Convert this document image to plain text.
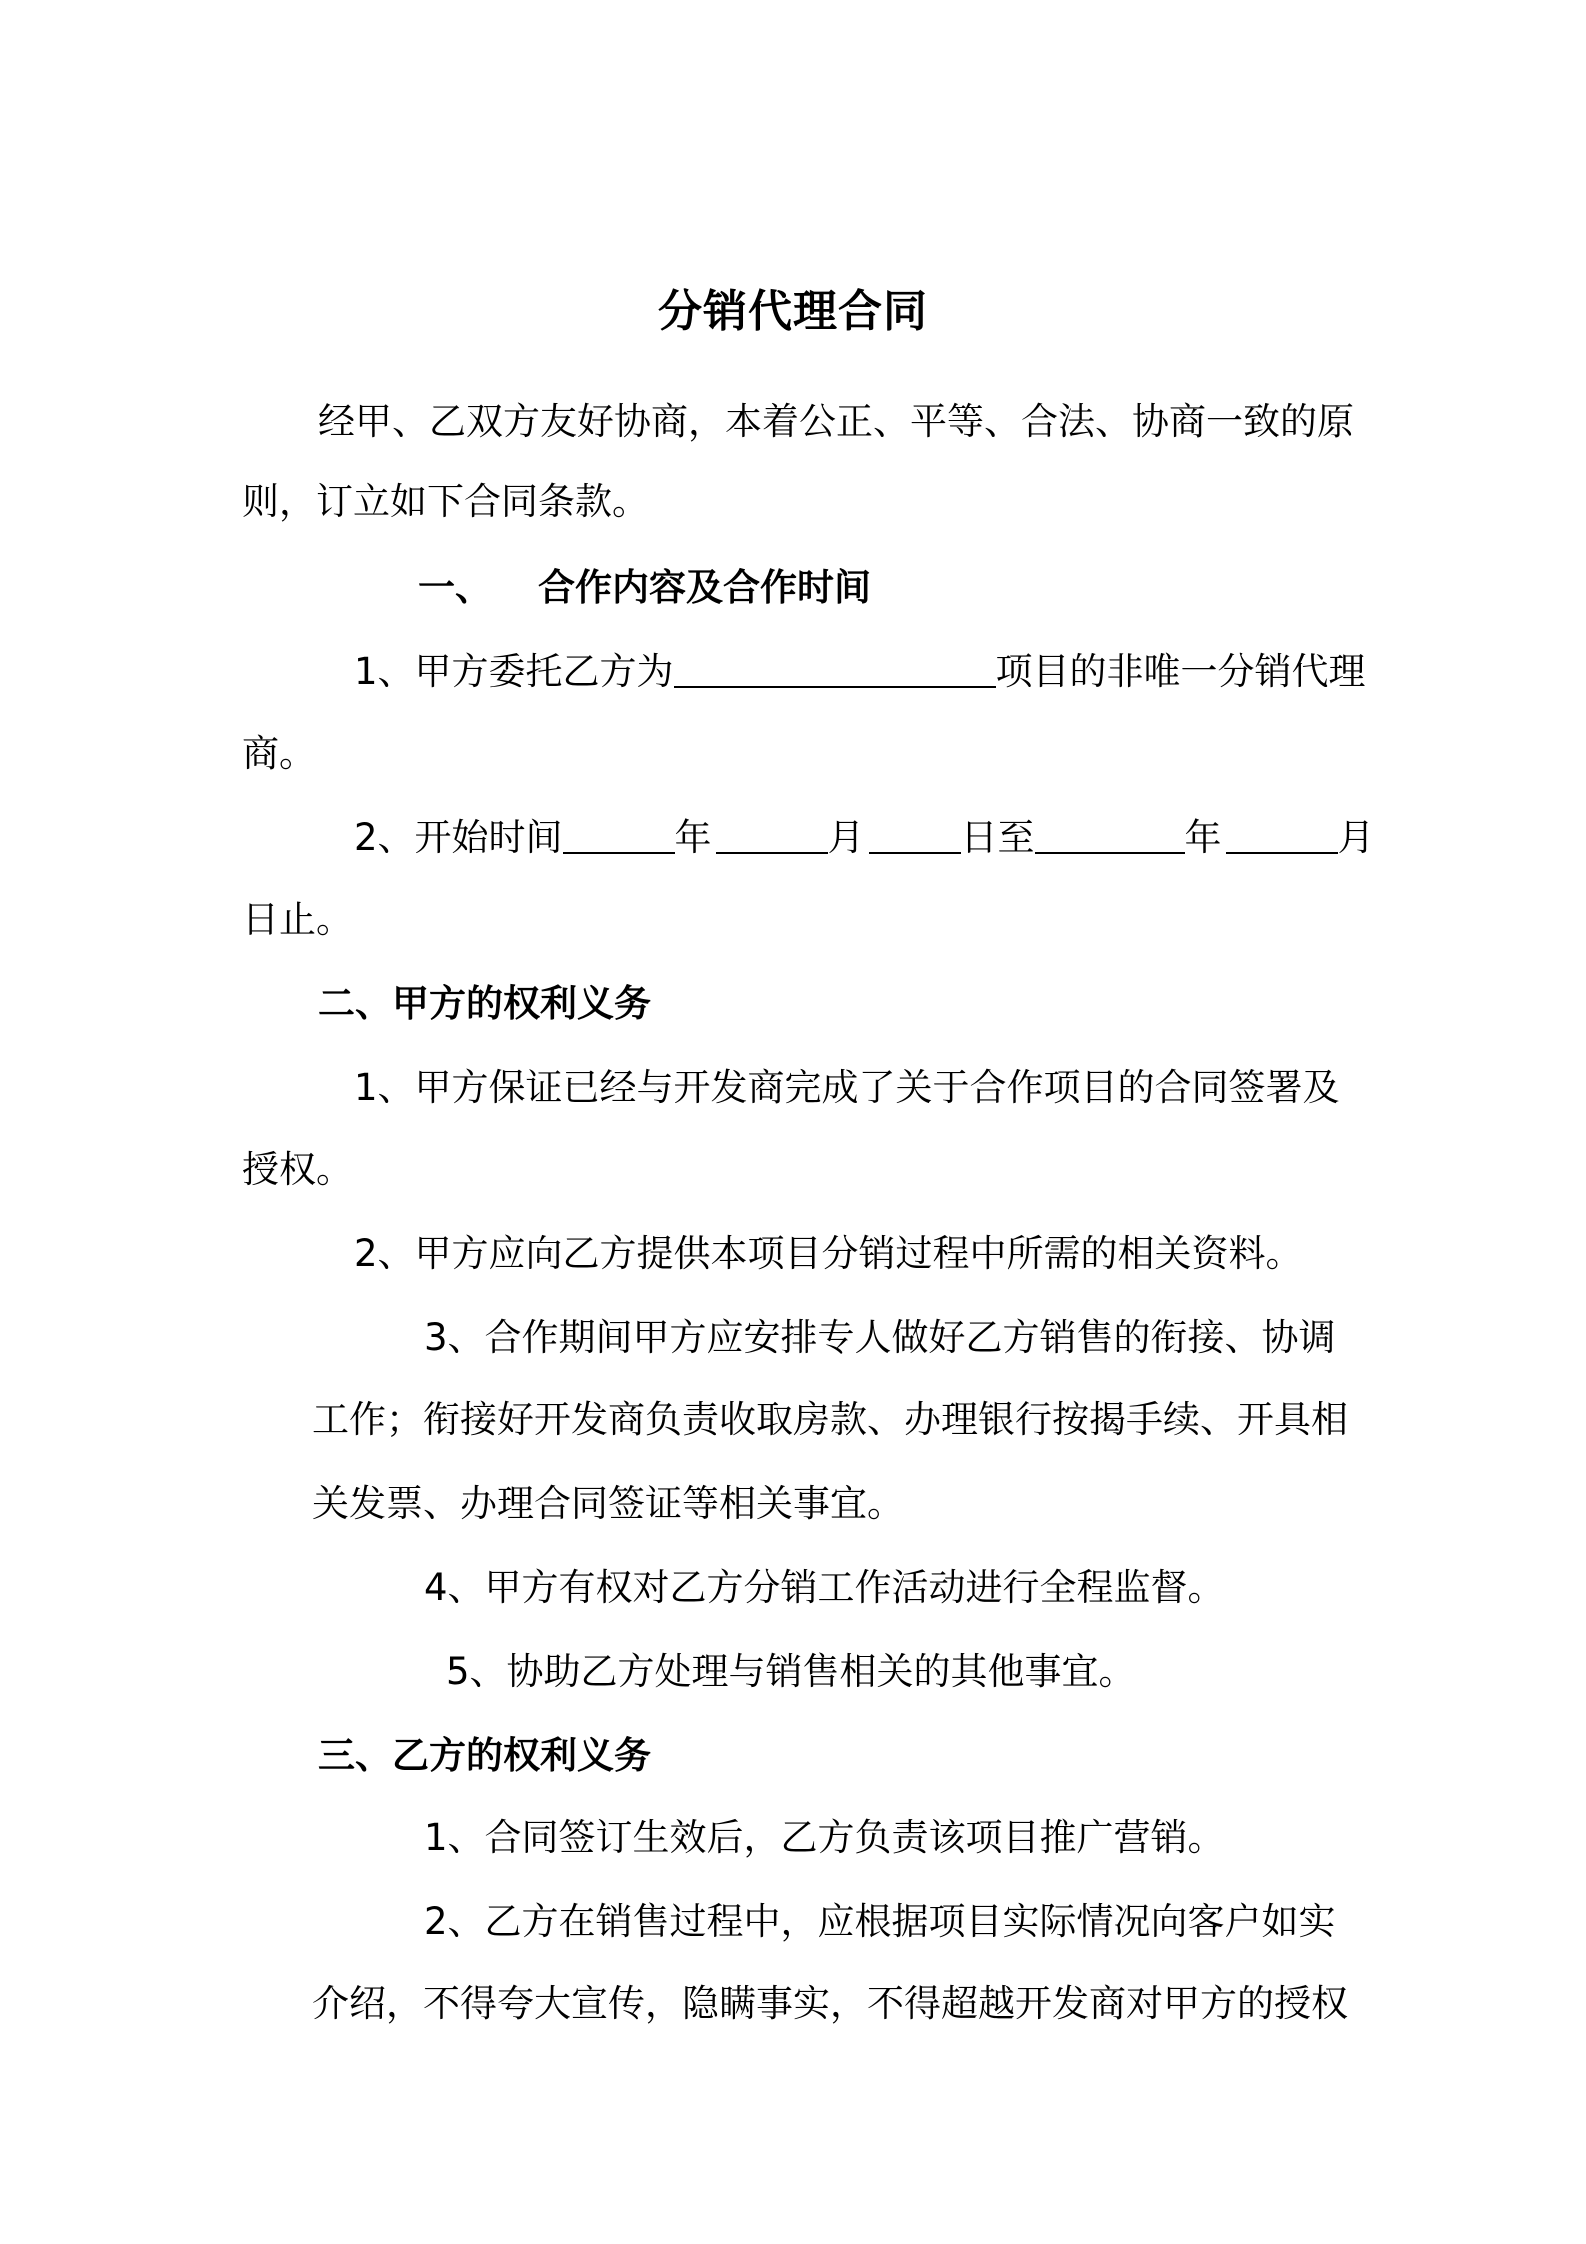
分销代理合同
经甲、乙双方友好协商，本着公正、平等、合法、协商一致的原
则，订立如下合同条款。
一、 合作内容及合作时间
1、甲方委托乙方为	项目的非唯一分销代理
商。
2、开始时间	年	月	日至	年	月
日止。
二、甲方的权利义务
1、甲方保证已经与开发商完成了关于合作项目的合同签署及
授权。
2、甲方应向乙方提供本项目分销过程中所需的相关资料。
3、合作期间甲方应安排专人做好乙方销售的衔接、协调
工作；衔接好开发商负责收取房款、办理银行按揭手续、开具相
关发票、办理合同签证等相关事宜。
4、甲方有权对乙方分销工作活动进行全程监督。
5、协助乙方处理与销售相关的其他事宜。
三、乙方的权利义务
1、合同签订生效后，乙方负责该项目推广营销。
2、乙方在销售过程中，应根据项目实际情况向客户如实
介绍，不得夸大宣传，隐瞒事实，不得超越开发商对甲方的授权
